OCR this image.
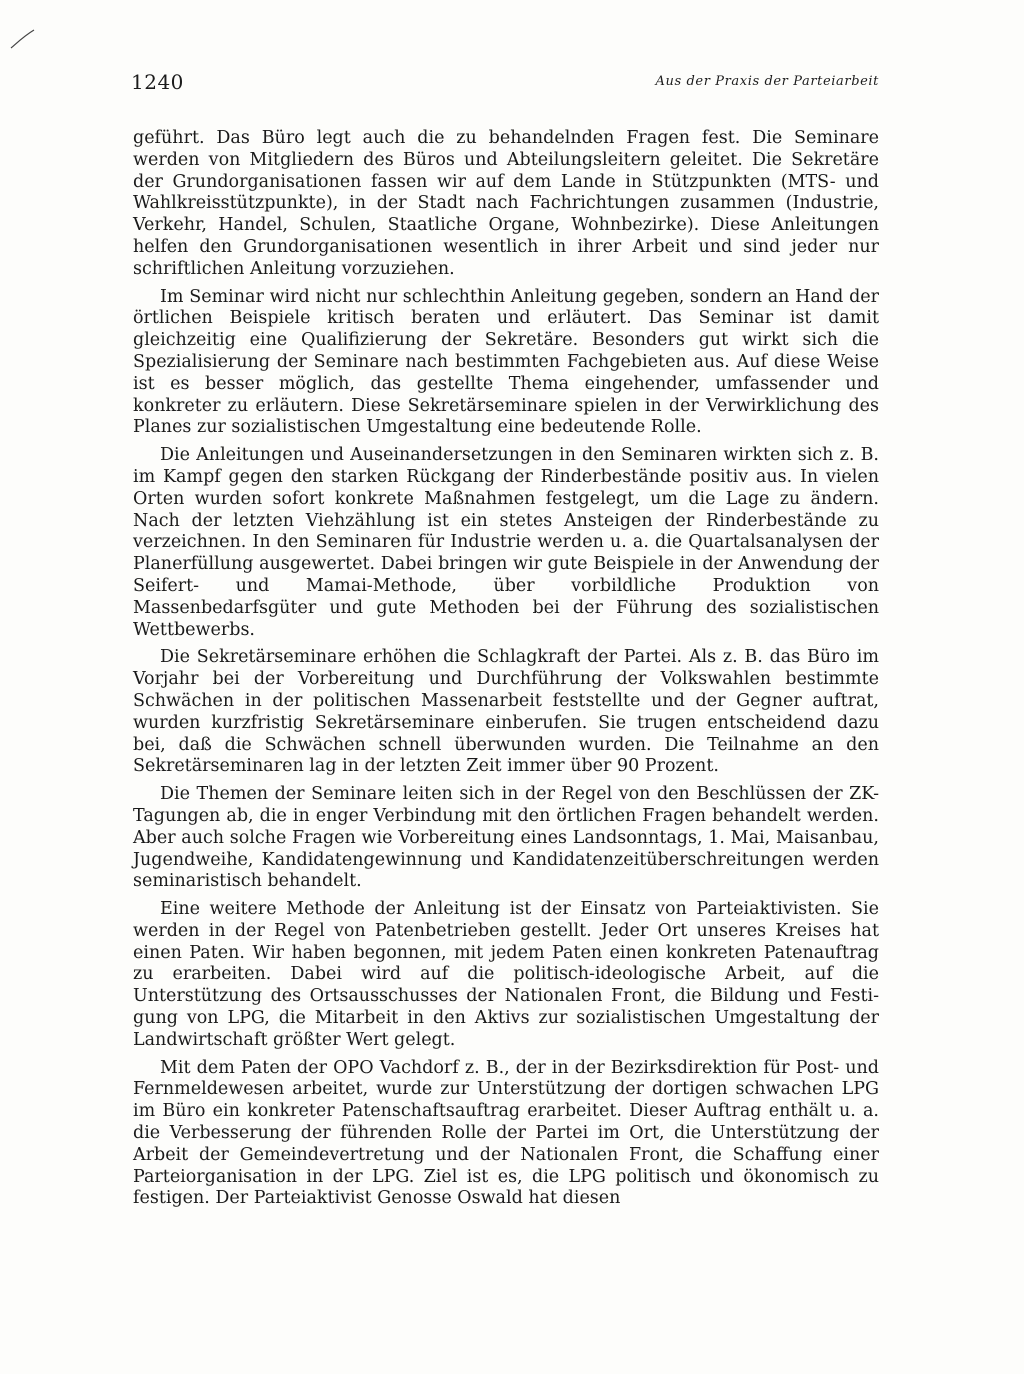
1240	Aus der Praxis der Parteiarbeit

geführt. Das Büro legt auch die zu behandelnden Fragen fest. Die Seminare werden von Mitgliedern des Büros und Abteilungsleitern geleitet. Die Sekretäre der Grundorganisationen fassen wir auf dem Lande in Stützpunkten (MTS- und Wahlkreisstützpunkte), in der Stadt nach Fachrichtungen zusammen (Industrie, Verkehr, Handel, Schulen, Staatliche Organe, Wohnbezirke). Diese Anleitungen helfen den Grundorganisationen wesentlich in ihrer Arbeit und sind jeder nur schriftlichen Anleitung vorzuziehen.

Im Seminar wird nicht nur schlechthin Anleitung gegeben, sondern an Hand der örtlichen Beispiele kritisch beraten und erläutert. Das Seminar ist damit gleichzeitig eine Qualifizierung der Sekretäre. Besonders gut wirkt sich die Spezialisierung der Seminare nach bestimmten Fachgebieten aus. Auf diese Weise ist es besser möglich, das gestellte Thema eingehender, umfassender und konkreter zu erläutern. Diese Sekretärseminare spielen in der Verwirklichung des Planes zur sozialistischen Umgestaltung eine bedeutende Rolle.

Die Anleitungen und Auseinandersetzungen in den Seminaren wirkten sich z. B. im Kampf gegen den starken Rückgang der Rinderbestände positiv aus. In vielen Orten wurden sofort konkrete Maßnahmen festgelegt, um die Lage zu ändern. Nach der letzten Viehzählung ist ein stetes Ansteigen der Rinderbestände zu verzeichnen. In den Seminaren für Industrie werden u. a. die Quartalsanalysen der Planerfüllung ausgewertet. Dabei bringen wir gute Beispiele in der Anwendung der Seifert- und Mamai-Methode, über vorbildliche Produktion von Massenbedarfsgüter und gute Methoden bei der Führung des sozialistischen Wettbewerbs.

Die Sekretärseminare erhöhen die Schlagkraft der Partei. Als z. B. das Büro im Vorjahr bei der Vorbereitung und Durchführung der Volkswahlen bestimmte Schwächen in der politischen Massenarbeit feststellte und der Gegner auftrat, wurden kurzfristig Sekretärseminare einberufen. Sie trugen entscheidend dazu bei, daß die Schwächen schnell überwunden wurden. Die Teilnahme an den Sekretärseminaren lag in der letzten Zeit immer über 90 Prozent.

Die Themen der Seminare leiten sich in der Regel von den Beschlüssen der ZK-Tagungen ab, die in enger Verbindung mit den örtlichen Fragen behandelt werden. Aber auch solche Fragen wie Vorbereitung eines Landsonntags, 1. Mai, Maisanbau, Jugendweihe, Kandidatengewinnung und Kandidatenzeitüberschreitungen werden seminaristisch behandelt.

Eine weitere Methode der Anleitung ist der Einsatz von Parteiaktivisten. Sie werden in der Regel von Patenbetrieben gestellt. Jeder Ort unseres Kreises hat einen Paten. Wir haben begonnen, mit jedem Paten einen konkreten Patenauftrag zu erarbeiten. Dabei wird auf die politisch-ideologische Arbeit, auf die Unterstützung des Ortsausschusses der Nationalen Front, die Bildung und Festigung von LPG, die Mitarbeit in den Aktivs zur sozialistischen Umgestaltung der Landwirtschaft größter Wert gelegt.

Mit dem Paten der OPO Vachdorf z. B., der in der Bezirksdirektion für Post- und Fernmeldewesen arbeitet, wurde zur Unterstützung der dortigen schwachen LPG im Büro ein konkreter Patenschaftsauftrag erarbeitet. Dieser Auftrag enthält u. a. die Verbesserung der führenden Rolle der Partei im Ort, die Unterstützung der Arbeit der Gemeindevertretung und der Nationalen Front, die Schaffung einer Parteiorganisation in der LPG. Ziel ist es, die LPG politisch und ökonomisch zu festigen. Der Parteiaktivist Genosse Oswald hat diesen
